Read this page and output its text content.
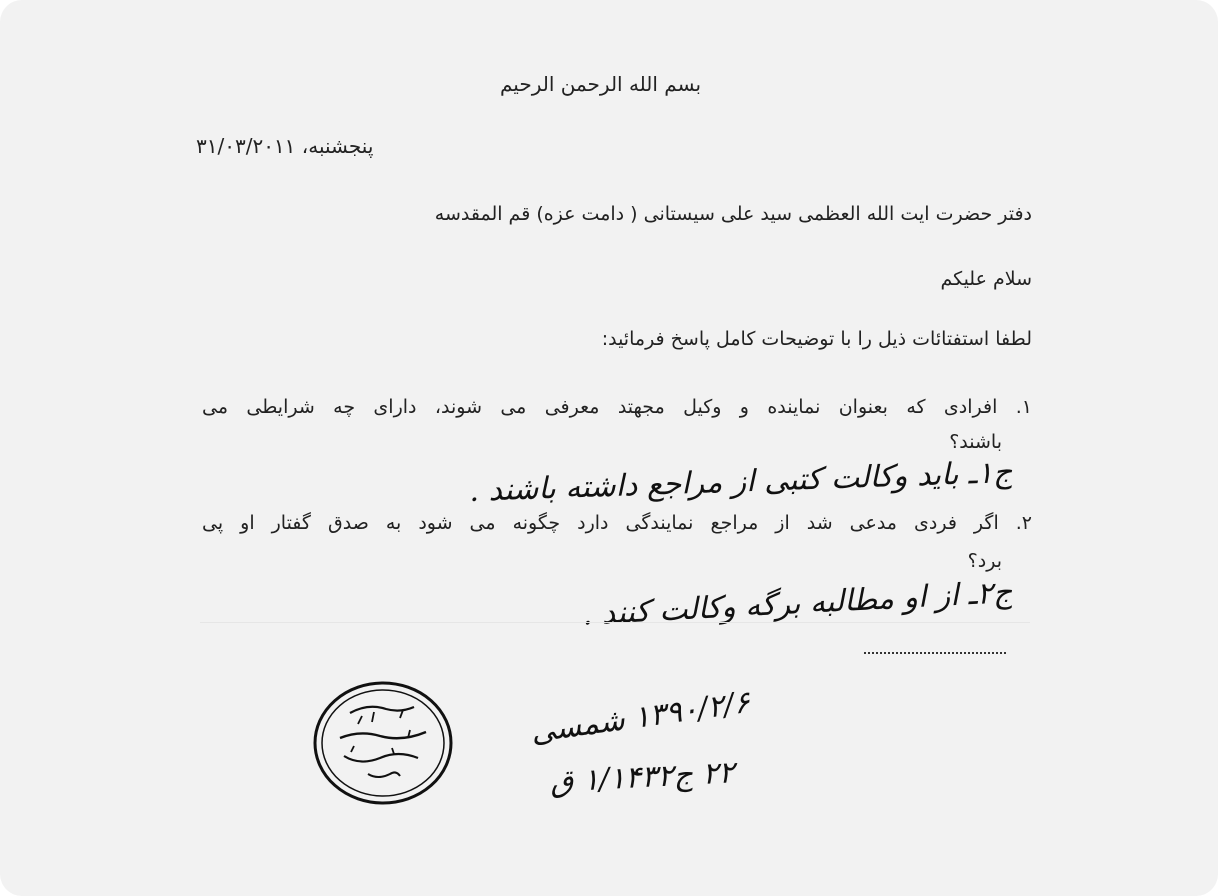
بسم الله الرحمن الرحيم
پنجشنبه، ۳۱/۰۳/۲۰۱۱
دفتر حضرت ایت الله العظمی سید علی سیستانی ( دامت عزه) قم المقدسه
سلام علیکم
لطفا استفتائات ذیل را با توضیحات کامل پاسخ فرمائید:
۱. افرادی که بعنوان نماینده و وکیل مجهتد معرفی می شوند، دارای چه شرایطی می
باشند؟
ج۱ـ باید وکالت کتبی از مراجع داشته باشند .
۲. اگر فردی مدعی شد از مراجع نمایندگی دارد چگونه می شود به صدق گفتار او پی
برد؟
ج۲ـ از او مطالبه برگه وکالت کنند .
۱۳۹۰/۲/۶ شمسی
۲۲ ج۱/۱۴۳۲ ق
